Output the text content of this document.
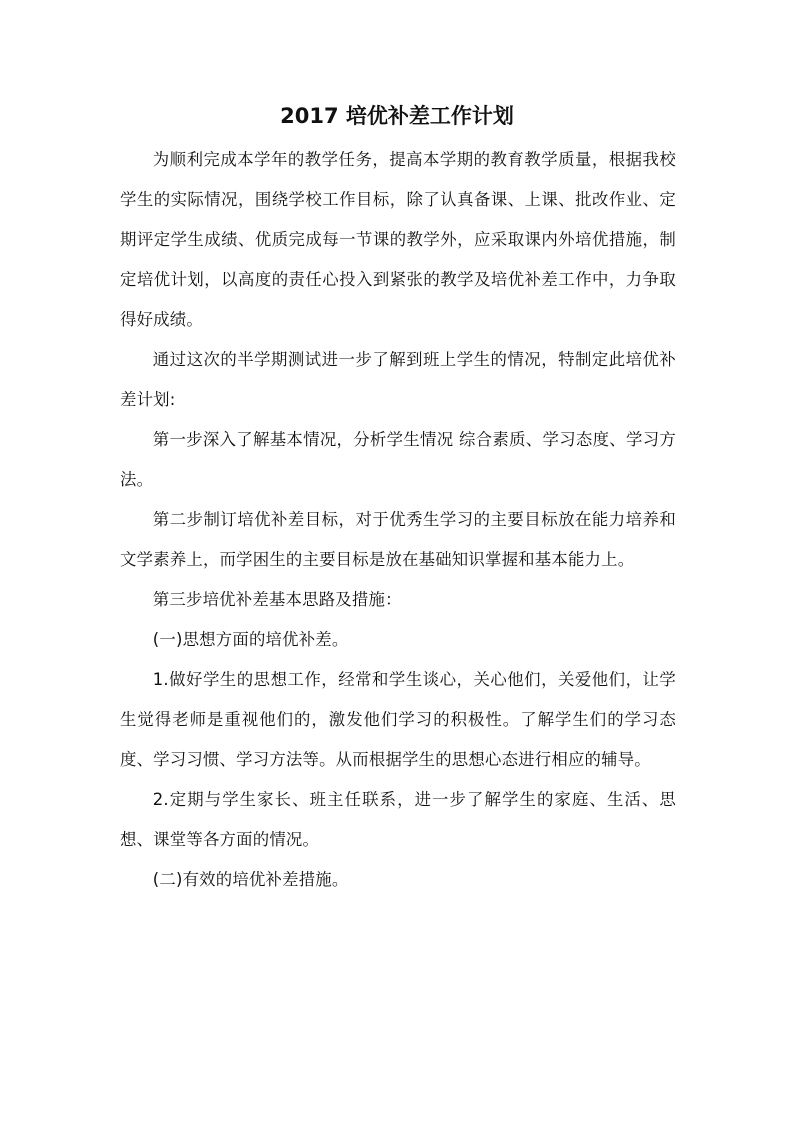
2017 培优补差工作计划

为顺利完成本学年的教学任务，提高本学期的教育教学质量，根据我校学生的实际情况，围绕学校工作目标，除了认真备课、上课、批改作业、定期评定学生成绩、优质完成每一节课的教学外，应采取课内外培优措施，制定培优计划，以高度的责任心投入到紧张的教学及培优补差工作中，力争取得好成绩。

通过这次的半学期测试进一步了解到班上学生的情况，特制定此培优补差计划:

第一步深入了解基本情况，分析学生情况 综合素质、学习态度、学习方法。

第二步制订培优补差目标，对于优秀生学习的主要目标放在能力培养和文学素养上，而学困生的主要目标是放在基础知识掌握和基本能力上。

第三步培优补差基本思路及措施：

(一)思想方面的培优补差。

1.做好学生的思想工作，经常和学生谈心，关心他们，关爱他们，让学生觉得老师是重视他们的，激发他们学习的积极性。了解学生们的学习态度、学习习惯、学习方法等。从而根据学生的思想心态进行相应的辅导。

2.定期与学生家长、班主任联系，进一步了解学生的家庭、生活、思想、课堂等各方面的情况。

(二)有效的培优补差措施。
